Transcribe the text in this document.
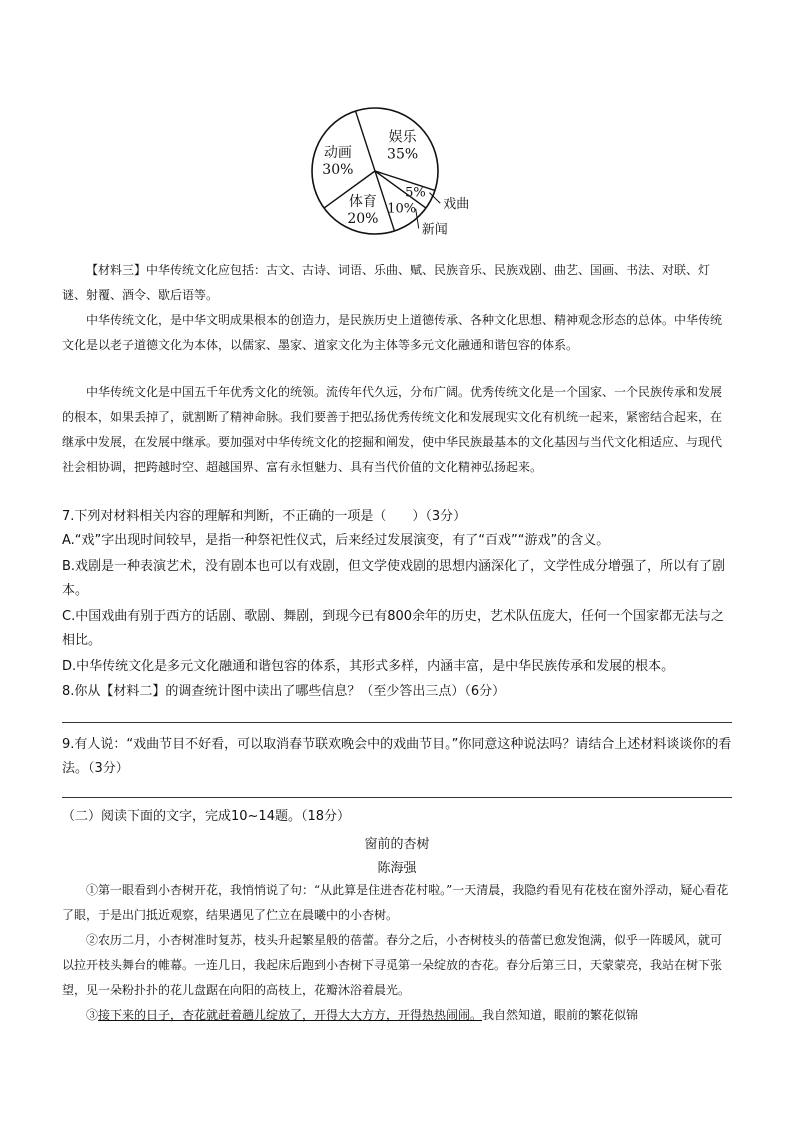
娱乐
35%
5%
戏曲
10%
新闻
体育
20%
动画
30%

【材料三】中华传统文化应包括：古文、古诗、词语、乐曲、赋、民族音乐、民族戏剧、曲艺、国画、书法、对联、灯谜、射覆、酒令、歇后语等。

中华传统文化，是中华文明成果根本的创造力，是民族历史上道德传承、各种文化思想、精神观念形态的总体。中华传统文化是以老子道德文化为本体，以儒家、墨家、道家文化为主体等多元文化融通和谐包容的体系。

中华传统文化是中国五千年优秀文化的统领。流传年代久远，分布广阔。优秀传统文化是一个国家、一个民族传承和发展的根本，如果丢掉了，就割断了精神命脉。我们要善于把弘扬优秀传统文化和发展现实文化有机统一起来，紧密结合起来，在继承中发展，在发展中继承。要加强对中华传统文化的挖掘和阐发，使中华民族最基本的文化基因与当代文化相适应、与现代社会相协调，把跨越时空、超越国界、富有永恒魅力、具有当代价值的文化精神弘扬起来。

7.下列对材料相关内容的理解和判断，不正确的一项是（　　）（3分）

A.“戏”字出现时间较早，是指一种祭祀性仪式，后来经过发展演变，有了“百戏”“游戏”的含义。

B.戏剧是一种表演艺术，没有剧本也可以有戏剧，但文学使戏剧的思想内涵深化了，文学性成分增强了，所以有了剧本。

C.中国戏曲有别于西方的话剧、歌剧、舞剧，到现今已有800余年的历史，艺术队伍庞大，任何一个国家都无法与之相比。

D.中华传统文化是多元文化融通和谐包容的体系，其形式多样，内涵丰富，是中华民族传承和发展的根本。

8.你从【材料二】的调查统计图中读出了哪些信息？（至少答出三点）（6分）

9.有人说：“戏曲节目不好看，可以取消春节联欢晚会中的戏曲节目。”你同意这种说法吗？请结合上述材料谈谈你的看法。（3分）

（二）阅读下面的文字，完成10~14题。（18分）

窗前的杏树

陈海强

①第一眼看到小杏树开花，我悄悄说了句：“从此算是住进杏花村啦。”一天清晨，我隐约看见有花枝在窗外浮动，疑心看花了眼，于是出门抵近观察，结果遇见了伫立在晨曦中的小杏树。

②农历二月，小杏树准时复苏，枝头升起繁星般的蓓蕾。春分之后，小杏树枝头的蓓蕾已愈发饱满，似乎一阵暖风，就可以拉开枝头舞台的帷幕。一连几日，我起床后跑到小杏树下寻觅第一朵绽放的杏花。春分后第三日，天蒙蒙亮，我站在树下张望，见一朵粉扑扑的花儿盘踞在向阳的高枝上，花瓣沐浴着晨光。

③接下来的日子，杏花就赶着趟儿绽放了，开得大大方方，开得热热闹闹。我自然知道，眼前的繁花似锦
